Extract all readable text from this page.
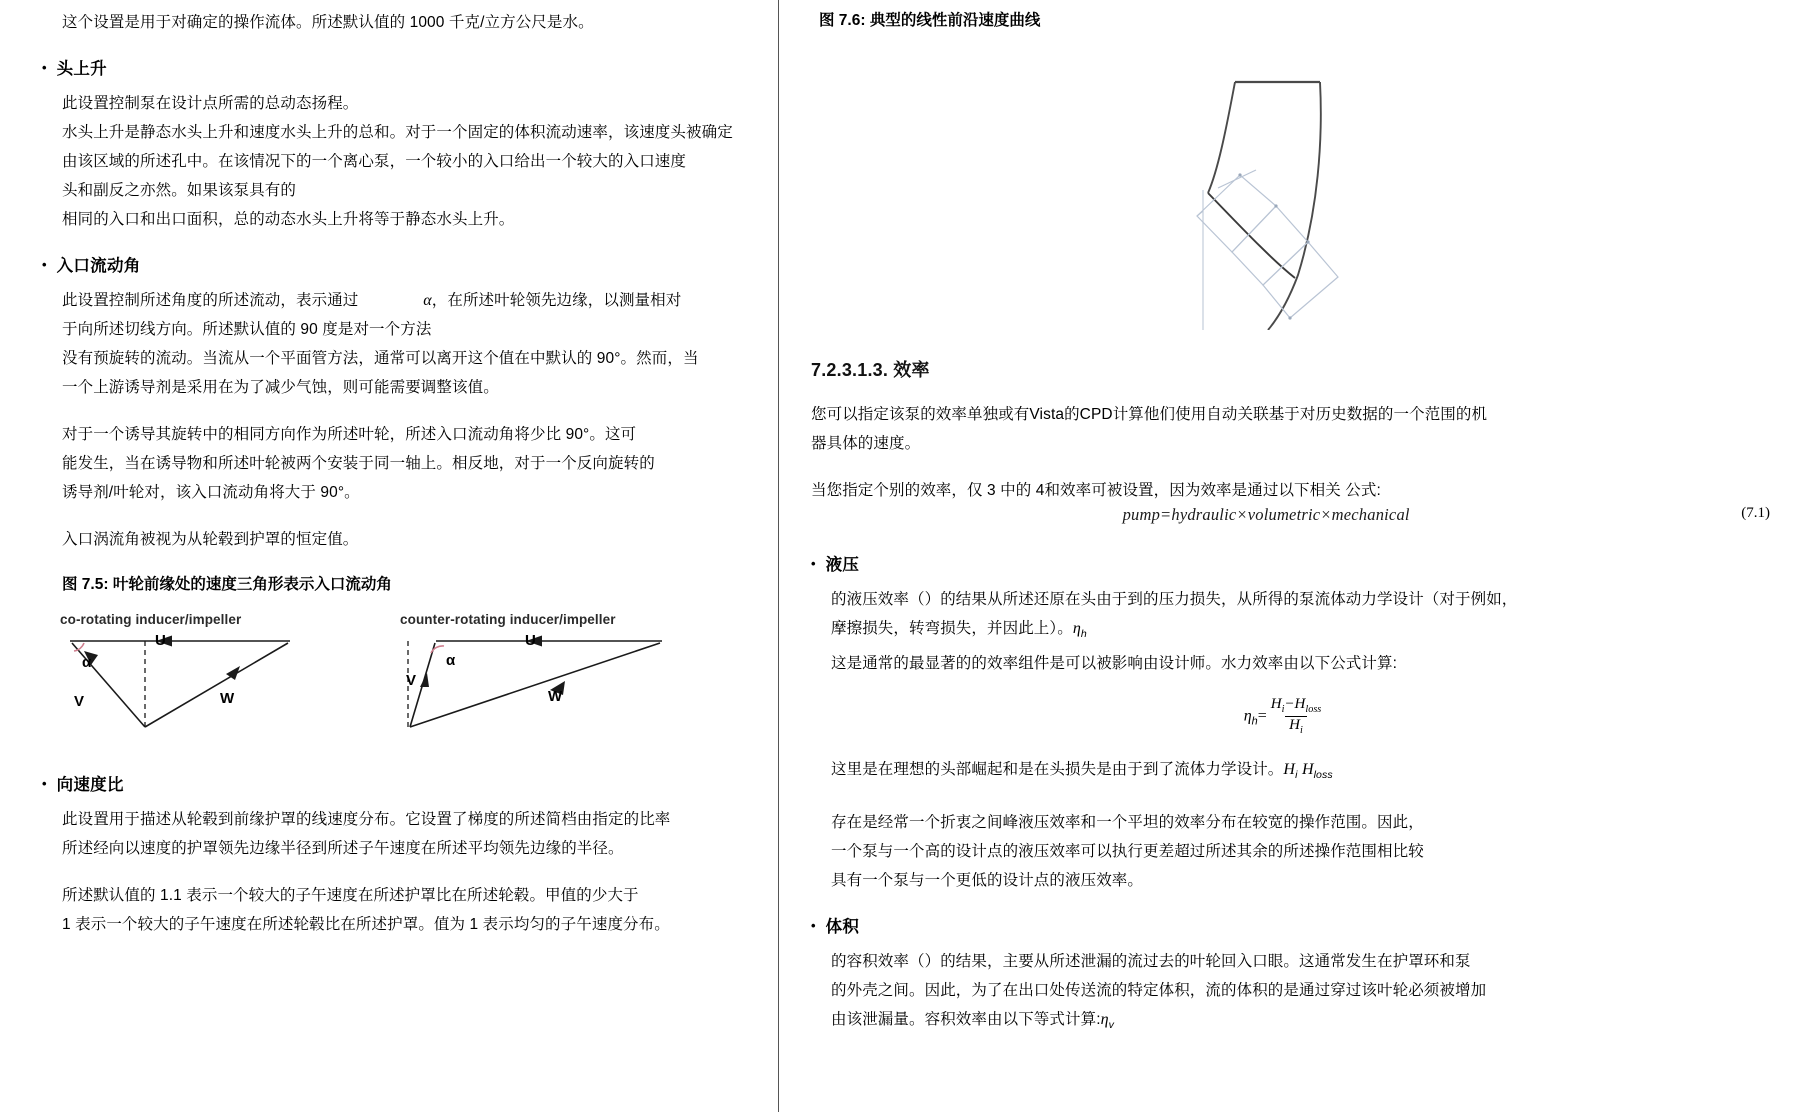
这个设置是用于对确定的操作流体。所述默认值的 1000 千克/立方公尺是水。

• 头上升

此设置控制泵在设计点所需的总动态扬程。

水头上升是静态水头上升和速度水头上升的总和。对于一个固定的体积流动速率，该速度头被确定

由该区域的所述孔中。在该情况下的一个离心泵，一个较小的入口给出一个较大的入口速度

头和副反之亦然。如果该泵具有的

相同的入口和出口面积，总的动态水头上升将等于静态水头上升。

• 入口流动角

此设置控制所述角度的所述流动，表示通过	α，在所述叶轮领先边缘，以测量相对

于向所述切线方向。所述默认值的 90 度是对一个方法

没有预旋转的流动。当流从一个平面管方法，通常可以离开这个值在中默认的 90°。然而，当

一个上游诱导剂是采用在为了减少气蚀，则可能需要调整该值。

对于一个诱导其旋转中的相同方向作为所述叶轮，所述入口流动角将少比 90°。这可

能发生，当在诱导物和所述叶轮被两个安装于同一轴上。相反地，对于一个反向旋转的

诱导剂/叶轮对，该入口流动角将大于 90°。

入口涡流角被视为从轮毂到护罩的恒定值。

图 7.5: 叶轮前缘处的速度三角形表示入口流动角

co-rotating inducer/impeller
U
α
V	W
counter-rotating inducer/impeller
U
α
V
W
• 向速度比

此设置用于描述从轮毂到前缘护罩的线速度分布。它设置了梯度的所述简档由指定的比率

所述经向以速度的护罩领先边缘半径到所述子午速度在所述平均领先边缘的半径。

所述默认值的 1.1 表示一个较大的子午速度在所述护罩比在所述轮毂。甲值的少大于

1 表示一个较大的子午速度在所述轮毂比在所述护罩。值为 1 表示均匀的子午速度分布。

图 7.6: 典型的线性前沿速度曲线

7.2.3.1.3. 效率

您可以指定该泵的效率单独或有Vista的CPD计算他们使用自动关联基于对历史数据的一个范围的机

器具体的速度。

当您指定个别的效率，仅 3 中的 4和效率可被设置，因为效率是通过以下相关 公式:

pump=hydraulic×volumetric×mechanical	(7.1)
• 液压

的液压效率（）的结果从所述还原在头由于到的压力损失，从所得的泵流体动力学设计（对于例如，

摩擦损失，转弯损失，并因此上）。$\eta_h$

这是通常的最显著的的效率组件是可以被影响由设计师。水力效率由以下公式计算:

$\eta_h= \frac{H_i-H_{loss}}{H_i}$

这里是在理想的头部崛起和是在头损失是由于到了流体力学设计。$H_i$ $H_{loss}$

存在是经常一个折衷之间峰液压效率和一个平坦的效率分布在较宽的操作范围。因此，

一个泵与一个高的设计点的液压效率可以执行更差超过所述其余的所述操作范围相比较

具有一个泵与一个更低的设计点的液压效率。

• 体积

的容积效率（）的结果，主要从所述泄漏的流过去的叶轮回入口眼。这通常发生在护罩环和泵

的外壳之间。因此，为了在出口处传送流的特定体积，流的体积的是通过穿过该叶轮必须被增加

由该泄漏量。容积效率由以下等式计算$:\eta_v$
